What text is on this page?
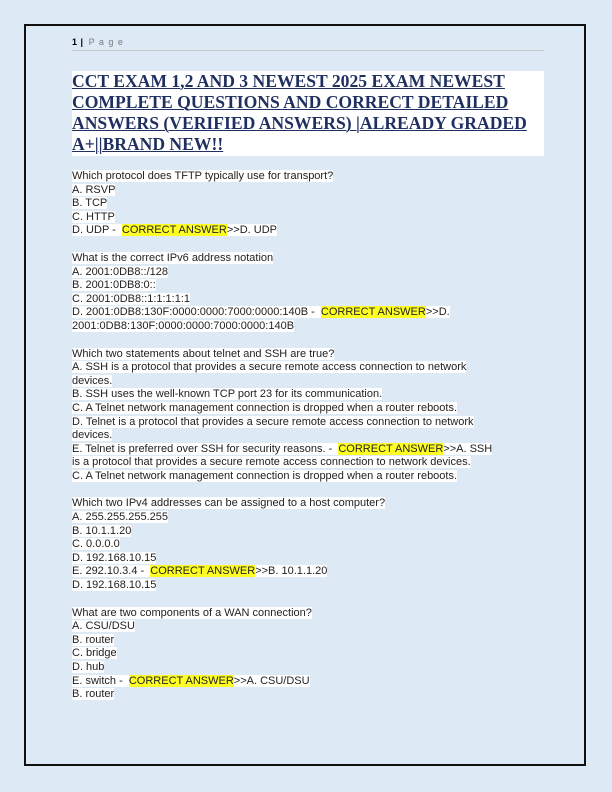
1 | P a g e
CCT EXAM 1,2 AND 3 NEWEST 2025 EXAM NEWEST COMPLETE QUESTIONS AND CORRECT DETAILED ANSWERS (VERIFIED ANSWERS) |ALREADY GRADED A+||BRAND NEW!!
Which protocol does TFTP typically use for transport?
A. RSVP
B. TCP
C. HTTP
D. UDP -  CORRECT ANSWER>>D. UDP
What is the correct IPv6 address notation
A. 2001:0DB8::/128
B. 2001:0DB8:0::
C. 2001:0DB8::1:1:1:1:1
D. 2001:0DB8:130F:0000:0000:7000:0000:140B -  CORRECT ANSWER>>D.
2001:0DB8:130F:0000:0000:7000:0000:140B
Which two statements about telnet and SSH are true?
A. SSH is a protocol that provides a secure remote access connection to network
devices.
B. SSH uses the well-known TCP port 23 for its communication.
C. A Telnet network management connection is dropped when a router reboots.
D. Telnet is a protocol that provides a secure remote access connection to network
devices.
E. Telnet is preferred over SSH for security reasons. -  CORRECT ANSWER>>A. SSH
is a protocol that provides a secure remote access connection to network devices.
C. A Telnet network management connection is dropped when a router reboots.
Which two IPv4 addresses can be assigned to a host computer?
A. 255.255.255.255
B. 10.1.1.20
C. 0.0.0.0
D. 192.168.10.15
E. 292.10.3.4 -  CORRECT ANSWER>>B. 10.1.1.20
D. 192.168.10.15
What are two components of a WAN connection?
A. CSU/DSU
B. router
C. bridge
D. hub
E. switch -  CORRECT ANSWER>>A. CSU/DSU
B. router
